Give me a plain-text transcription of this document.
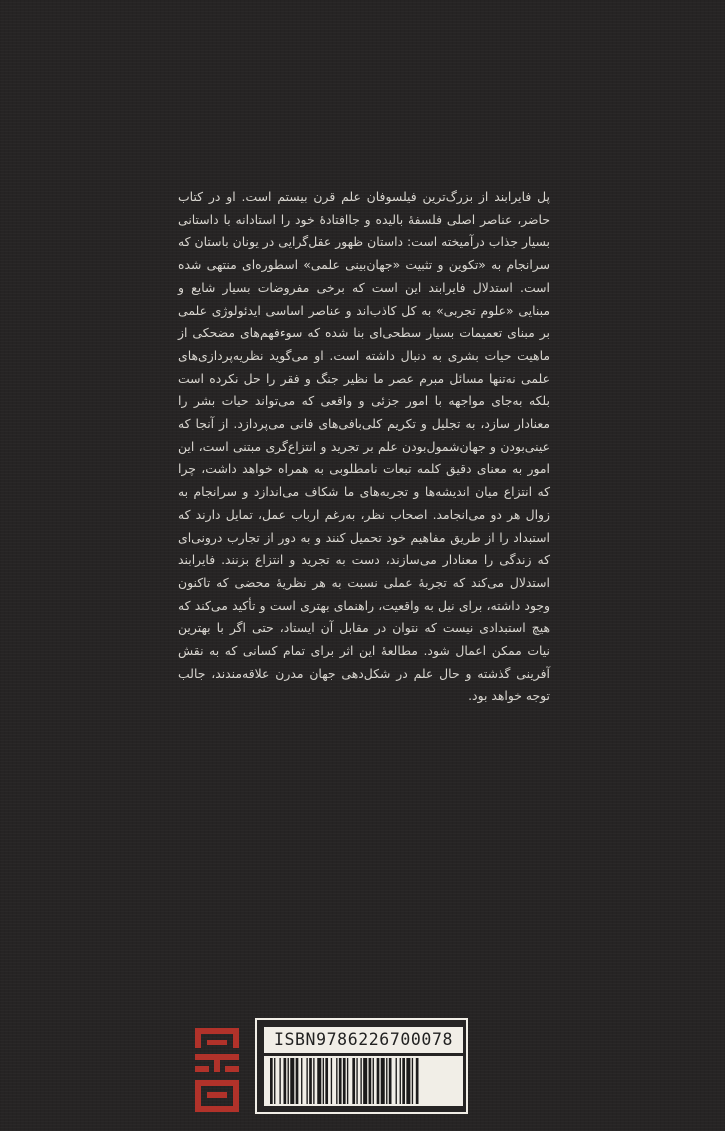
پل فایرابند از بزرگ‌ترین فیلسوفان علم قرن بیستم است. او در کتاب حاضر، عناصر اصلی فلسفهٔ بالیده و جاافتادهٔ خود را استادانه با داستانی بسیار جذاب درآمیخته است: داستان ظهور عقل‌گرایی در یونان باستان که سرانجام به «تکوین و تثبیت «جهان‌بینی علمی» اسطوره‌ای منتهی شده است. استدلال فایرابند این است که برخی مفروضات بسیار شایع و مبنایی «علوم تجربی» به کل کاذب‌اند و عناصر اساسی ایدئولوژی علمی بر مبنای تعمیمات بسیار سطحی‌ای بنا شده که سوءفهم‌های مضحکی از ماهیت حیات بشری به دنبال داشته است. او می‌گوید نظریه‌پردازی‌های علمی نه‌تنها مسائل مبرم عصر ما نظیر جنگ و فقر را حل نکرده است بلکه به‌جای مواجهه با امور جزئی و واقعی که می‌تواند حیات بشر را معنادار سازد، به تجلیل و تکریم کلی‌بافی‌های فانی می‌پردازد. از آنجا که عینی‌بودن و جهان‌شمول‌بودن علم بر تجرید و انتزاع‌گری مبتنی است، این امور به معنای دقیق کلمه تبعات نامطلوبی به همراه خواهد داشت، چرا که انتزاع میان اندیشه‌ها و تجربه‌های ما شکاف می‌اندازد و سرانجام به زوال هر دو می‌انجامد. اصحاب نظر، به‌رغم ارباب عمل، تمایل دارند که استبداد را از طریق مفاهیم خود تحمیل کنند و به دور از تجارب درونی‌ای که زندگی را معنادار می‌سازند، دست به تجرید و انتزاع بزنند. فایرابند استدلال می‌کند که تجربهٔ عملی نسبت به هر نظریهٔ محضی که تاکنون وجود داشته، برای نیل به واقعیت، راهنمای بهتری است و تأکید می‌کند که هیچ استبدادی نیست که نتوان در مقابل آن ایستاد، حتی اگر با بهترین نیات ممکن اعمال شود. مطالعهٔ این اثر برای تمام کسانی که به نقش آفرینی گذشته و حال علم در شکل‌دهی جهان مدرن علاقه‌مندند، جالب توجه خواهد بود.

ISBN9786226700078
